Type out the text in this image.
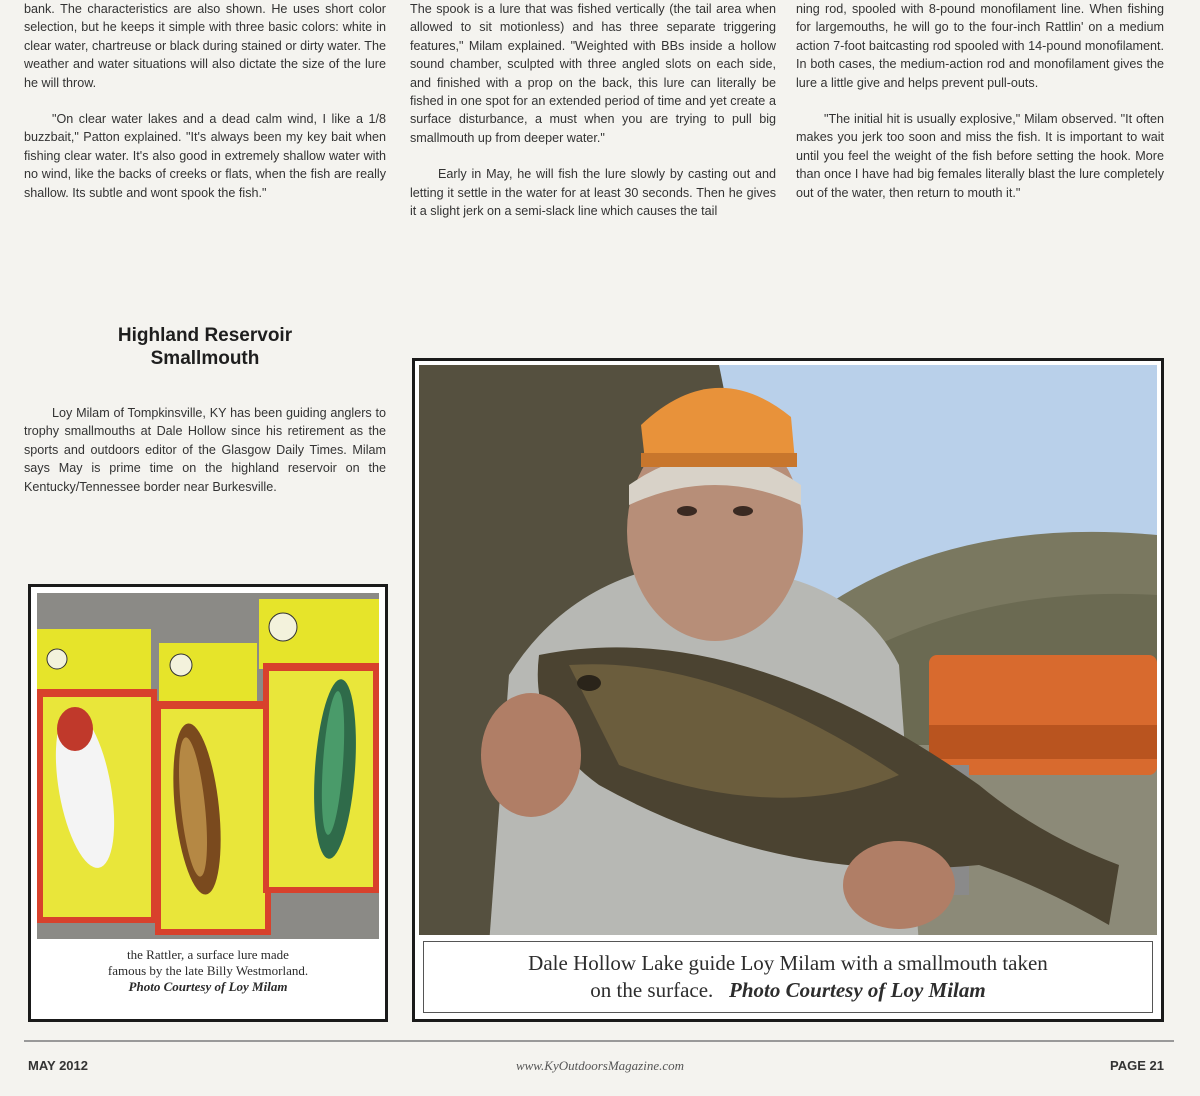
bank. The characteristics are also shown. He uses short color selection, but he keeps it simple with three basic colors: white in clear water, chartreuse or black during stained or dirty water. The weather and water situations will also dictate the size of the lure he will throw.

"On clear water lakes and a dead calm wind, I like a 1/8 buzzbait," Patton explained. "It's always been my key bait when fishing clear water. It's also good in extremely shallow water with no wind, like the backs of creeks or flats, when the fish are really shallow. Its subtle and wont spook the fish."

Highland Reservoir
Smallmouth

Loy Milam of Tompkinsville, KY has been guiding anglers to trophy smallmouths at Dale Hollow since his retirement as the sports and outdoors editor of the Glasgow Daily Times. Milam says May is prime time on the highland reservoir on the Kentucky/Tennessee border near Burkesville.

The spook is a lure that was fished vertically (the tail area when allowed to sit motionless) and has three separate triggering features," Milam explained. "Weighted with BBs inside a hollow sound chamber, sculpted with three angled slots on each side, and finished with a prop on the back, this lure can literally be fished in one spot for an extended period of time and yet create a surface disturbance, a must when you are trying to pull big smallmouth up from deeper water."

Early in May, he will fish the lure slowly by casting out and letting it settle in the water for at least 30 seconds. Then he gives it a slight jerk on a semi-slack line which causes the tail

ning rod, spooled with 8-pound monofilament line. When fishing for largemouths, he will go to the four-inch Rattlin' on a medium action 7-foot baitcasting rod spooled with 14-pound monofilament. In both cases, the medium-action rod and monofilament gives the lure a little give and helps prevent pull-outs.

"The initial hit is usually explosive," Milam observed. "It often makes you jerk too soon and miss the fish. It is important to wait until you feel the weight of the fish before setting the hook. More than once I have had big females literally blast the lure completely out of the water, then return to mouth it."

the Rattler, a surface lure made
famous by the late Billy Westmorland.
Photo Courtesy of Loy Milam
Dale Hollow Lake guide Loy Milam with a smallmouth taken
on the surface. Photo Courtesy of Loy Milam
www.KyOutdoorsMagazine.com
MAY 2012	PAGE 21
